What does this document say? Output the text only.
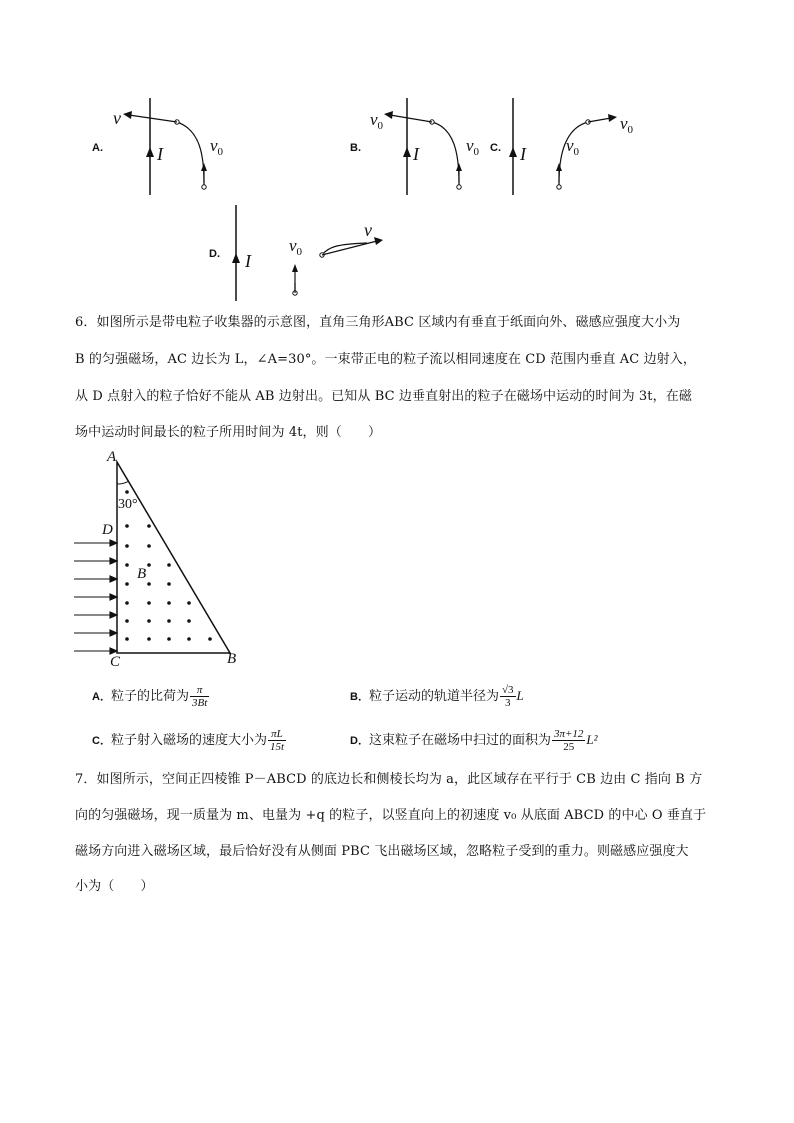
A.
v
I	$v_0$	B.
$v_0$
I	$v_0$ C. I $v_0$
$v_0$
D. I
$v_0$
v
6．如图所示是带电粒子收集器的示意图，直角三角形ABC 区域内有垂直于纸面向外、磁感应强度大小为
B 的匀强磁场，AC 边长为 L，∠A=30°。一束带正电的粒子流以相同速度在 CD 范围内垂直 AC 边射入，
从 D 点射入的粒子恰好不能从 AB 边射出。已知从 BC 边垂直射出的粒子在磁场中运动的时间为 3t，在磁
场中运动时间最长的粒子所用时间为 4t，则（　　）
A
30°
D
B
C	B
A．粒子的比荷为 $\frac{\pi}{3Bt}$	B．粒子运动的轨道半径为 $\frac{√3}{3}$ L
C．粒子射入磁场的速度大小为 $\frac{\pi L}{15t}$	D．这束粒子在磁场中扫过的面积为 $\frac{3\pi+12}{25} L^2$
7．如图所示，空间正四棱锥 P－ABCD 的底边长和侧棱长均为 a，此区域存在平行于 CB 边由 C 指向 B 方
向的匀强磁场，现一质量为 m、电量为 +q 的粒子，以竖直向上的初速度 v₀ 从底面 ABCD 的中心 O 垂直于
磁场方向进入磁场区域，最后恰好没有从侧面 PBC 飞出磁场区域，忽略粒子受到的重力。则磁感应强度大
小为（　　）
